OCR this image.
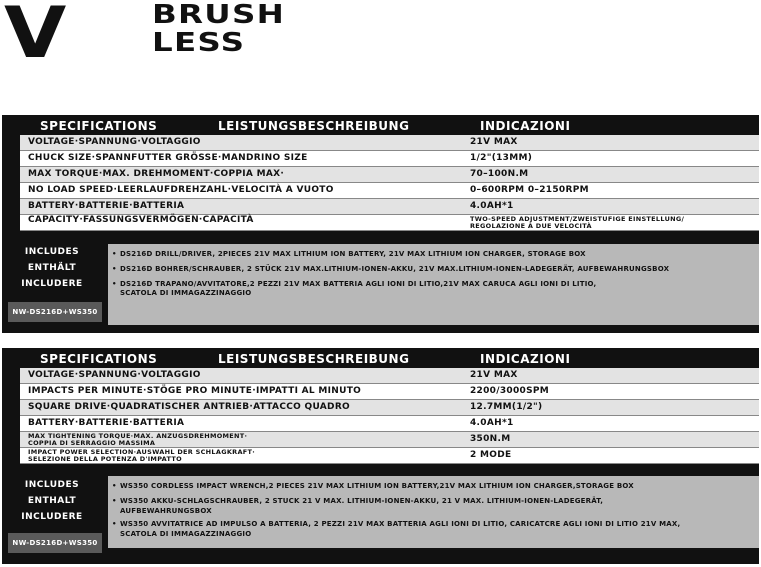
V	BRUSH
LESS
SPECIFICATIONS	LEISTUNGSBESCHREIBUNG	INDICAZIONI
VOLTAGE·SPANNUNG·VOLTAGGIO	21V MAX
CHUCK SIZE·SPANNFUTTER GRÖSSE·MANDRINO SIZE	1/2"(13MM)
MAX TORQUE·MAX. DREHMOMENT·COPPIA MAX·	70–100N.M
NO LOAD SPEED·LEERLAUFDREHZAHL·VELOCITÀ A VUOTO	0–600RPM 0–2150RPM
BATTERY·BATTERIE·BATTERIA	4.0AH*1
CAPACITY·FASSUNGSVERMÖGEN·CAPACITÀ	TWO-SPEED ADJUSTMENT/ZWEISTUFIGE EINSTELLUNG/
REGOLAZIONE A DUE VELOCITÀ
INCLUDES
ENTHÄLT
INCLUDERE
NW-DS216D+WS350
• DS216D DRILL/DRIVER, 2PIECES 21V MAX LITHIUM ION BATTERY, 21V MAX LITHIUM ION CHARGER, STORAGE BOX
• DS216D BOHRER/SCHRAUBER, 2 STÜCK 21V MAX.LITHIUM-IONEN-AKKU, 21V MAX.LITHIUM-IONEN-LADEGERÄT, AUFBEWAHRUNGSBOX
• DS216D TRAPANO/AVVITATORE,2 PEZZI 21V MAX BATTERIA AGLI IONI DI LITIO,21V MAX CARUCA AGLI IONI DI LITIO,
SCATOLA DI IMMAGAZZINAGGIO
SPECIFICATIONS	LEISTUNGSBESCHREIBUNG	INDICAZIONI
VOLTAGE·SPANNUNG·VOLTAGGIO	21V MAX
IMPACTS PER MINUTE·STÖGE PRO MINUTE·IMPATTI AL MINUTO	2200/3000SPM
SQUARE DRIVE·QUADRATISCHER ANTRIEB·ATTACCO QUADRO	12.7MM(1/2")
BATTERY·BATTERIE·BATTERIA	4.0AH*1
MAX TIGHTENING TORQUE·MAX. ANZUGSDREHMOMENT·
COPPIA DI SERRAGGIO MASSIMA	350N.M
IMPACT POWER SELECTION·AUSWAHL DER SCHLAGKRAFT·
SELEZIONE DELLA POTENZA D'IMPATTO	2 MODE
INCLUDES
ENTHALT
INCLUDERE
NW-DS216D+WS350
• WS350 CORDLESS IMPACT WRENCH,2 PIECES 21V MAX LITHIUM ION BATTERY,21V MAX LITHIUM ION CHARGER,STORAGE BOX
• WS350 AKKU-SCHLAGSCHRAUBER, 2 STUCK 21 V MAX. LITHIUM-IONEN-AKKU, 21 V MAX. LITHIUM-IONEN-LADEGERÄT,
AUFBEWAHRUNGSBOX
• WS350 AVVITATRICE AD IMPULSO A BATTERIA, 2 PEZZI 21V MAX BATTERIA AGLI IONI DI LITIO, CARICATCRE AGLI IONI DI LITIO 21V MAX,
SCATOLA DI IMMAGAZZINAGGIO
